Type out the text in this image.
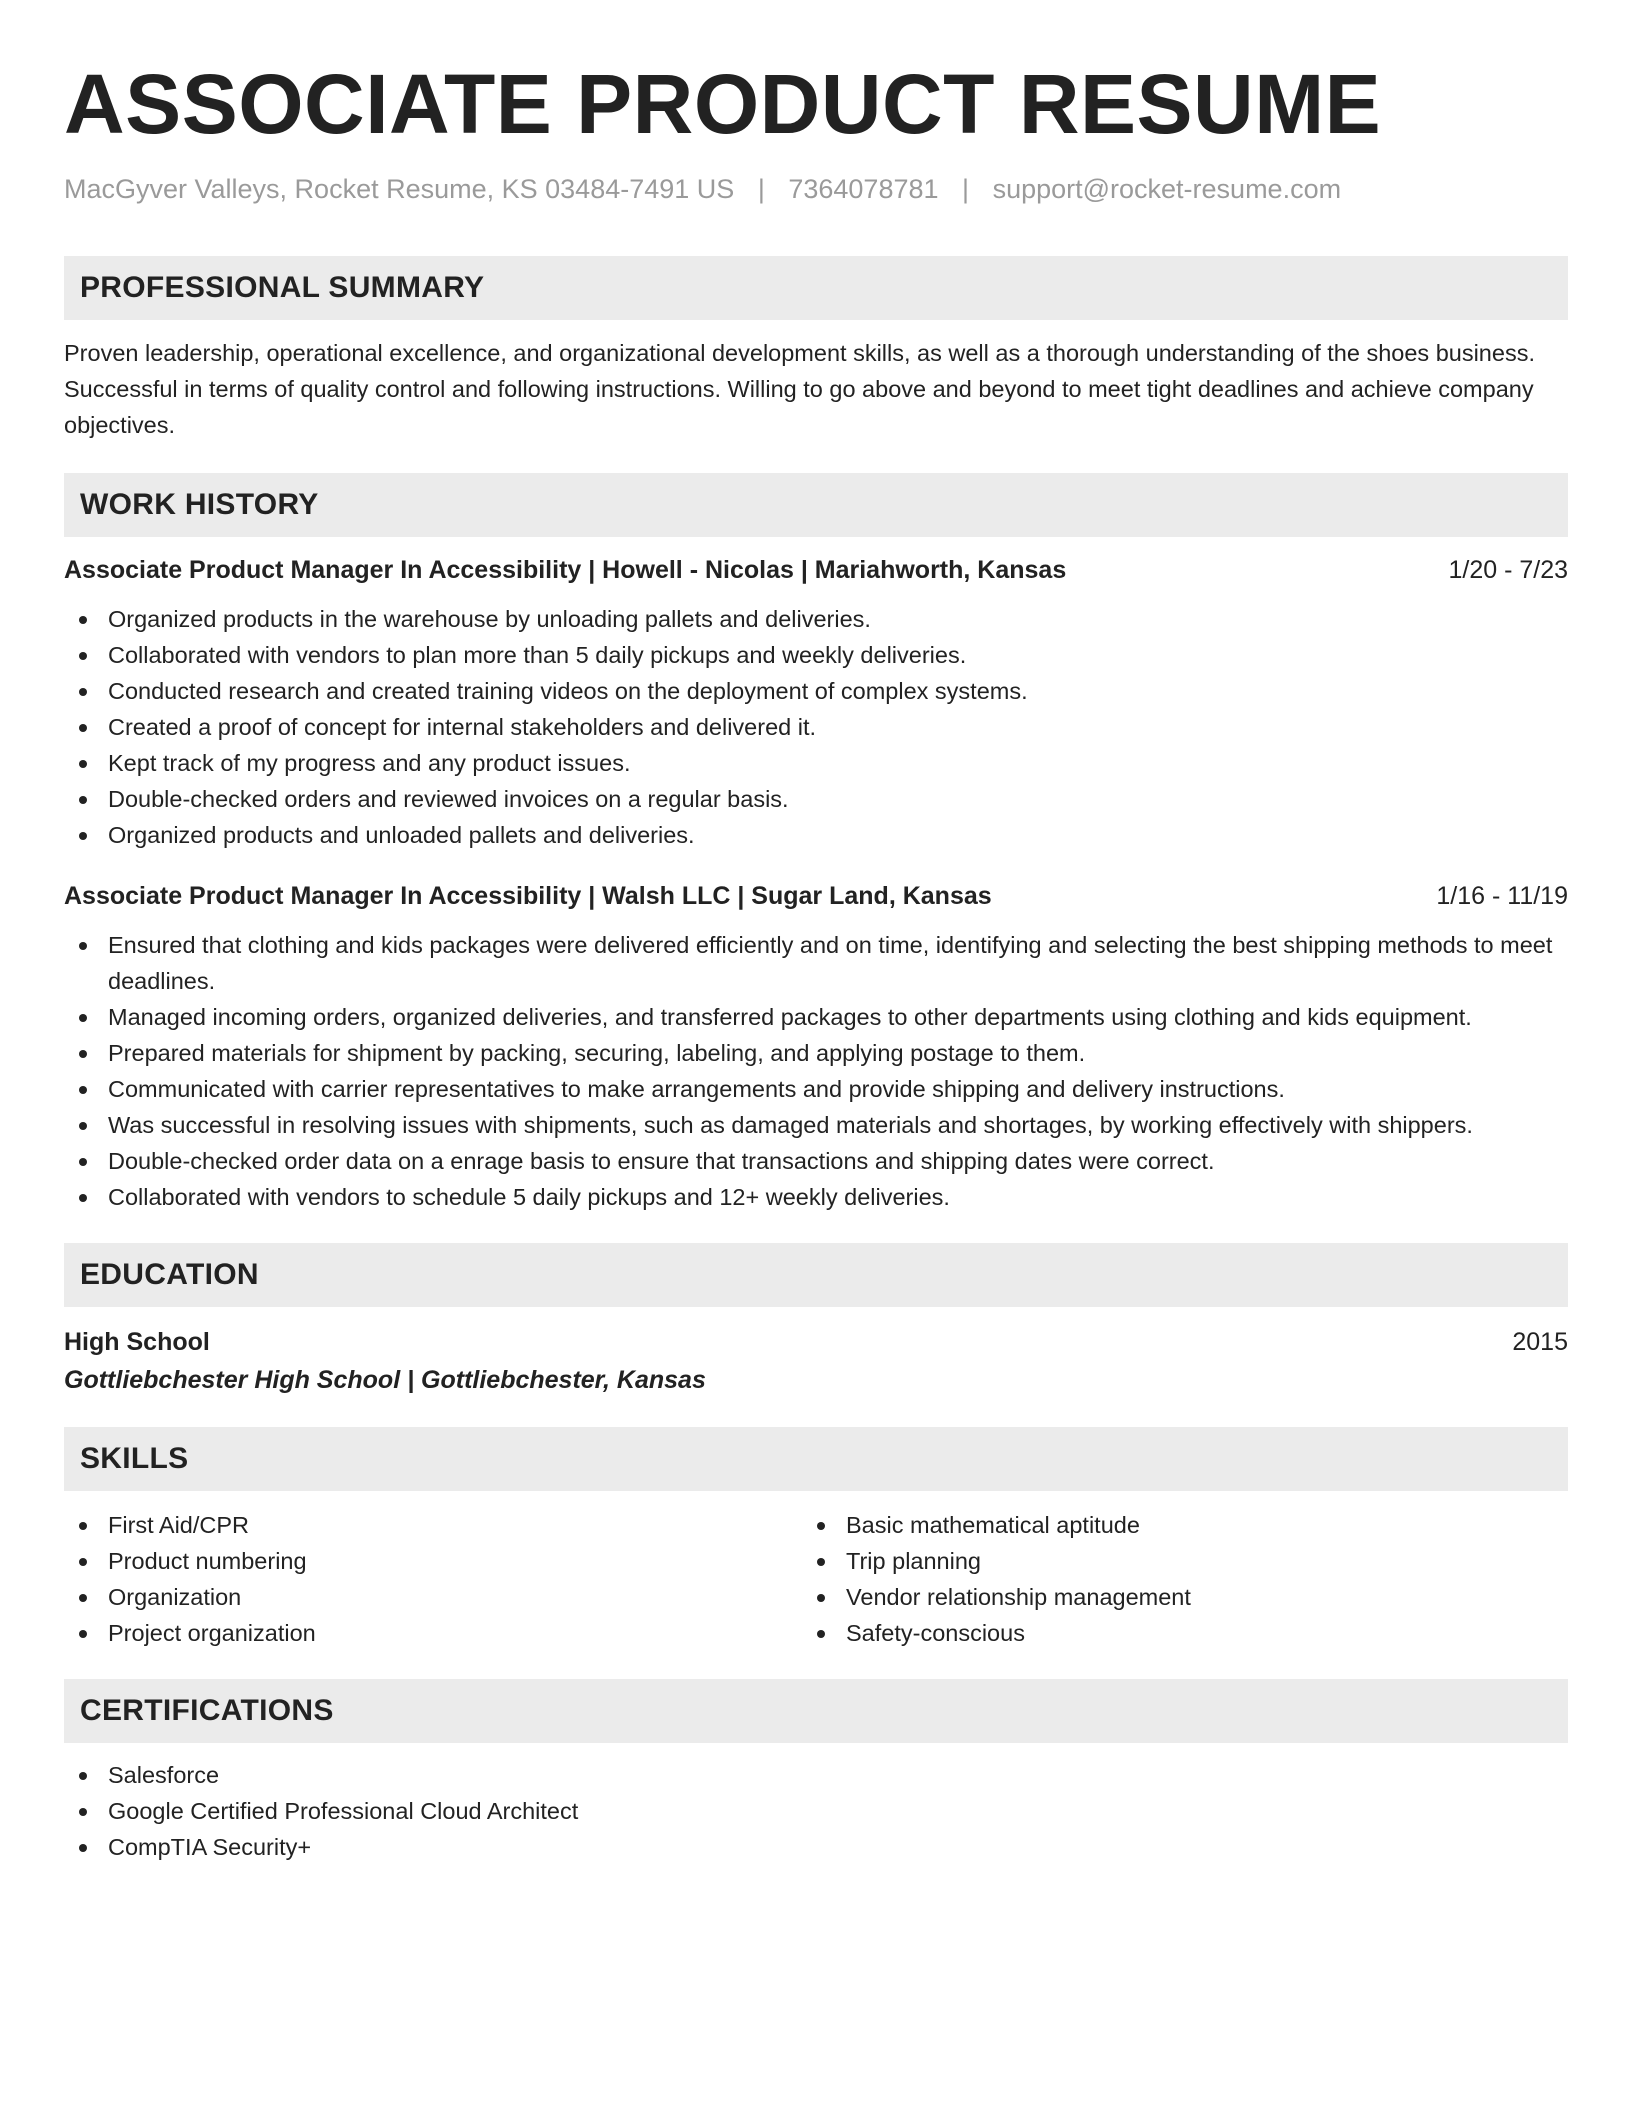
ASSOCIATE PRODUCT RESUME
MacGyver Valleys, Rocket Resume, KS 03484-7491 US | 7364078781 | support@rocket-resume.com
PROFESSIONAL SUMMARY

Proven leadership, operational excellence, and organizational development skills, as well as a thorough understanding of the shoes business. Successful in terms of quality control and following instructions. Willing to go above and beyond to meet tight deadlines and achieve company objectives.

WORK HISTORY
Associate Product Manager In Accessibility | Howell - Nicolas | Mariahworth, Kansas	1/20 - 7/23
Organized products in the warehouse by unloading pallets and deliveries.
Collaborated with vendors to plan more than 5 daily pickups and weekly deliveries.
Conducted research and created training videos on the deployment of complex systems.
Created a proof of concept for internal stakeholders and delivered it.
Kept track of my progress and any product issues.
Double-checked orders and reviewed invoices on a regular basis.
Organized products and unloaded pallets and deliveries.
Associate Product Manager In Accessibility | Walsh LLC | Sugar Land, Kansas	1/16 - 11/19
Ensured that clothing and kids packages were delivered efficiently and on time, identifying and selecting the best shipping methods to meet deadlines.
Managed incoming orders, organized deliveries, and transferred packages to other departments using clothing and kids equipment.
Prepared materials for shipment by packing, securing, labeling, and applying postage to them.
Communicated with carrier representatives to make arrangements and provide shipping and delivery instructions.
Was successful in resolving issues with shipments, such as damaged materials and shortages, by working effectively with shippers.
Double-checked order data on a enrage basis to ensure that transactions and shipping dates were correct.
Collaborated with vendors to schedule 5 daily pickups and 12+ weekly deliveries.
EDUCATION
High School	2015
Gottliebchester High School | Gottliebchester, Kansas
SKILLS
First Aid/CPR
Product numbering
Organization
Project organization
Basic mathematical aptitude
Trip planning
Vendor relationship management
Safety-conscious
CERTIFICATIONS
Salesforce
Google Certified Professional Cloud Architect
CompTIA Security+
